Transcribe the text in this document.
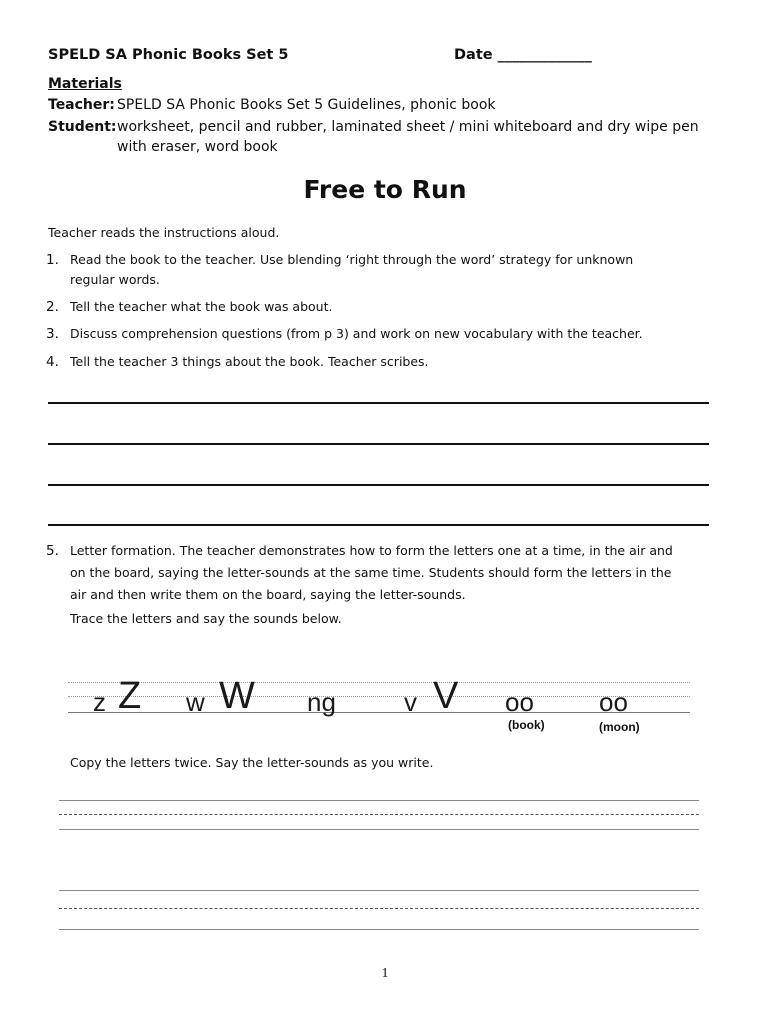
SPELD SA Phonic Books Set 5	Date _____________
Materials
Teacher: SPELD SA Phonic Books Set 5 Guidelines, phonic book
Student: worksheet, pencil and rubber, laminated sheet / mini whiteboard and dry wipe pen
with eraser, word book
Free to Run
Teacher reads the instructions aloud.
1. Read the book to the teacher. Use blending ‘right through the word’ strategy for unknown
regular words.
2. Tell the teacher what the book was about.
3. Discuss comprehension questions (from p 3) and work on new vocabulary with the teacher.
4. Tell the teacher 3 things about the book. Teacher scribes.
5. Letter formation. The teacher demonstrates how to form the letters one at a time, in the air and
on the board, saying the letter-sounds at the same time. Students should form the letters in the
air and then write them on the board, saying the letter-sounds.
Trace the letters and say the sounds below.
z Z w W ng	v V oo	oo
(book)	(moon)
Copy the letters twice. Say the letter-sounds as you write.
1
